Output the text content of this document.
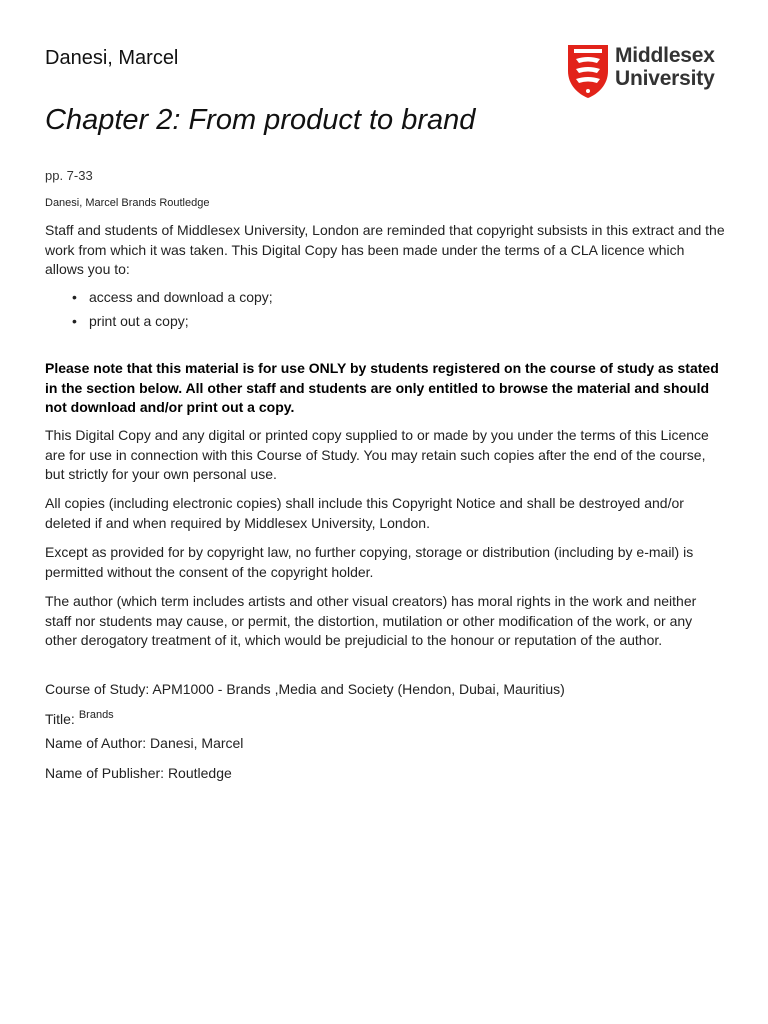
Danesi, Marcel
Chapter 2: From product to brand
Middlesex
University
pp. 7-33
Danesi, Marcel Brands Routledge
Staff and students of Middlesex University, London are reminded that copyright subsists in this extract and the work from which it was taken. This Digital Copy has been made under the terms of a CLA licence which allows you to:
• access and download a copy;
• print out a copy;
Please note that this material is for use ONLY by students registered on the course of study as stated in the section below. All other staff and students are only entitled to browse the material and should not download and/or print out a copy.
This Digital Copy and any digital or printed copy supplied to or made by you under the terms of this Licence are for use in connection with this Course of Study. You may retain such copies after the end of the course, but strictly for your own personal use.
All copies (including electronic copies) shall include this Copyright Notice and shall be destroyed and/or deleted if and when required by Middlesex University, London.
Except as provided for by copyright law, no further copying, storage or distribution (including by e-mail) is permitted without the consent of the copyright holder.
The author (which term includes artists and other visual creators) has moral rights in the work and neither staff nor students may cause, or permit, the distortion, mutilation or other modification of the work, or any other derogatory treatment of it, which would be prejudicial to the honour or reputation of the author.
Course of Study: APM1000 - Brands ,Media and Society (Hendon, Dubai, Mauritius)
Title: $^{Brands}$
Name of Author: Danesi, Marcel
Name of Publisher: Routledge
